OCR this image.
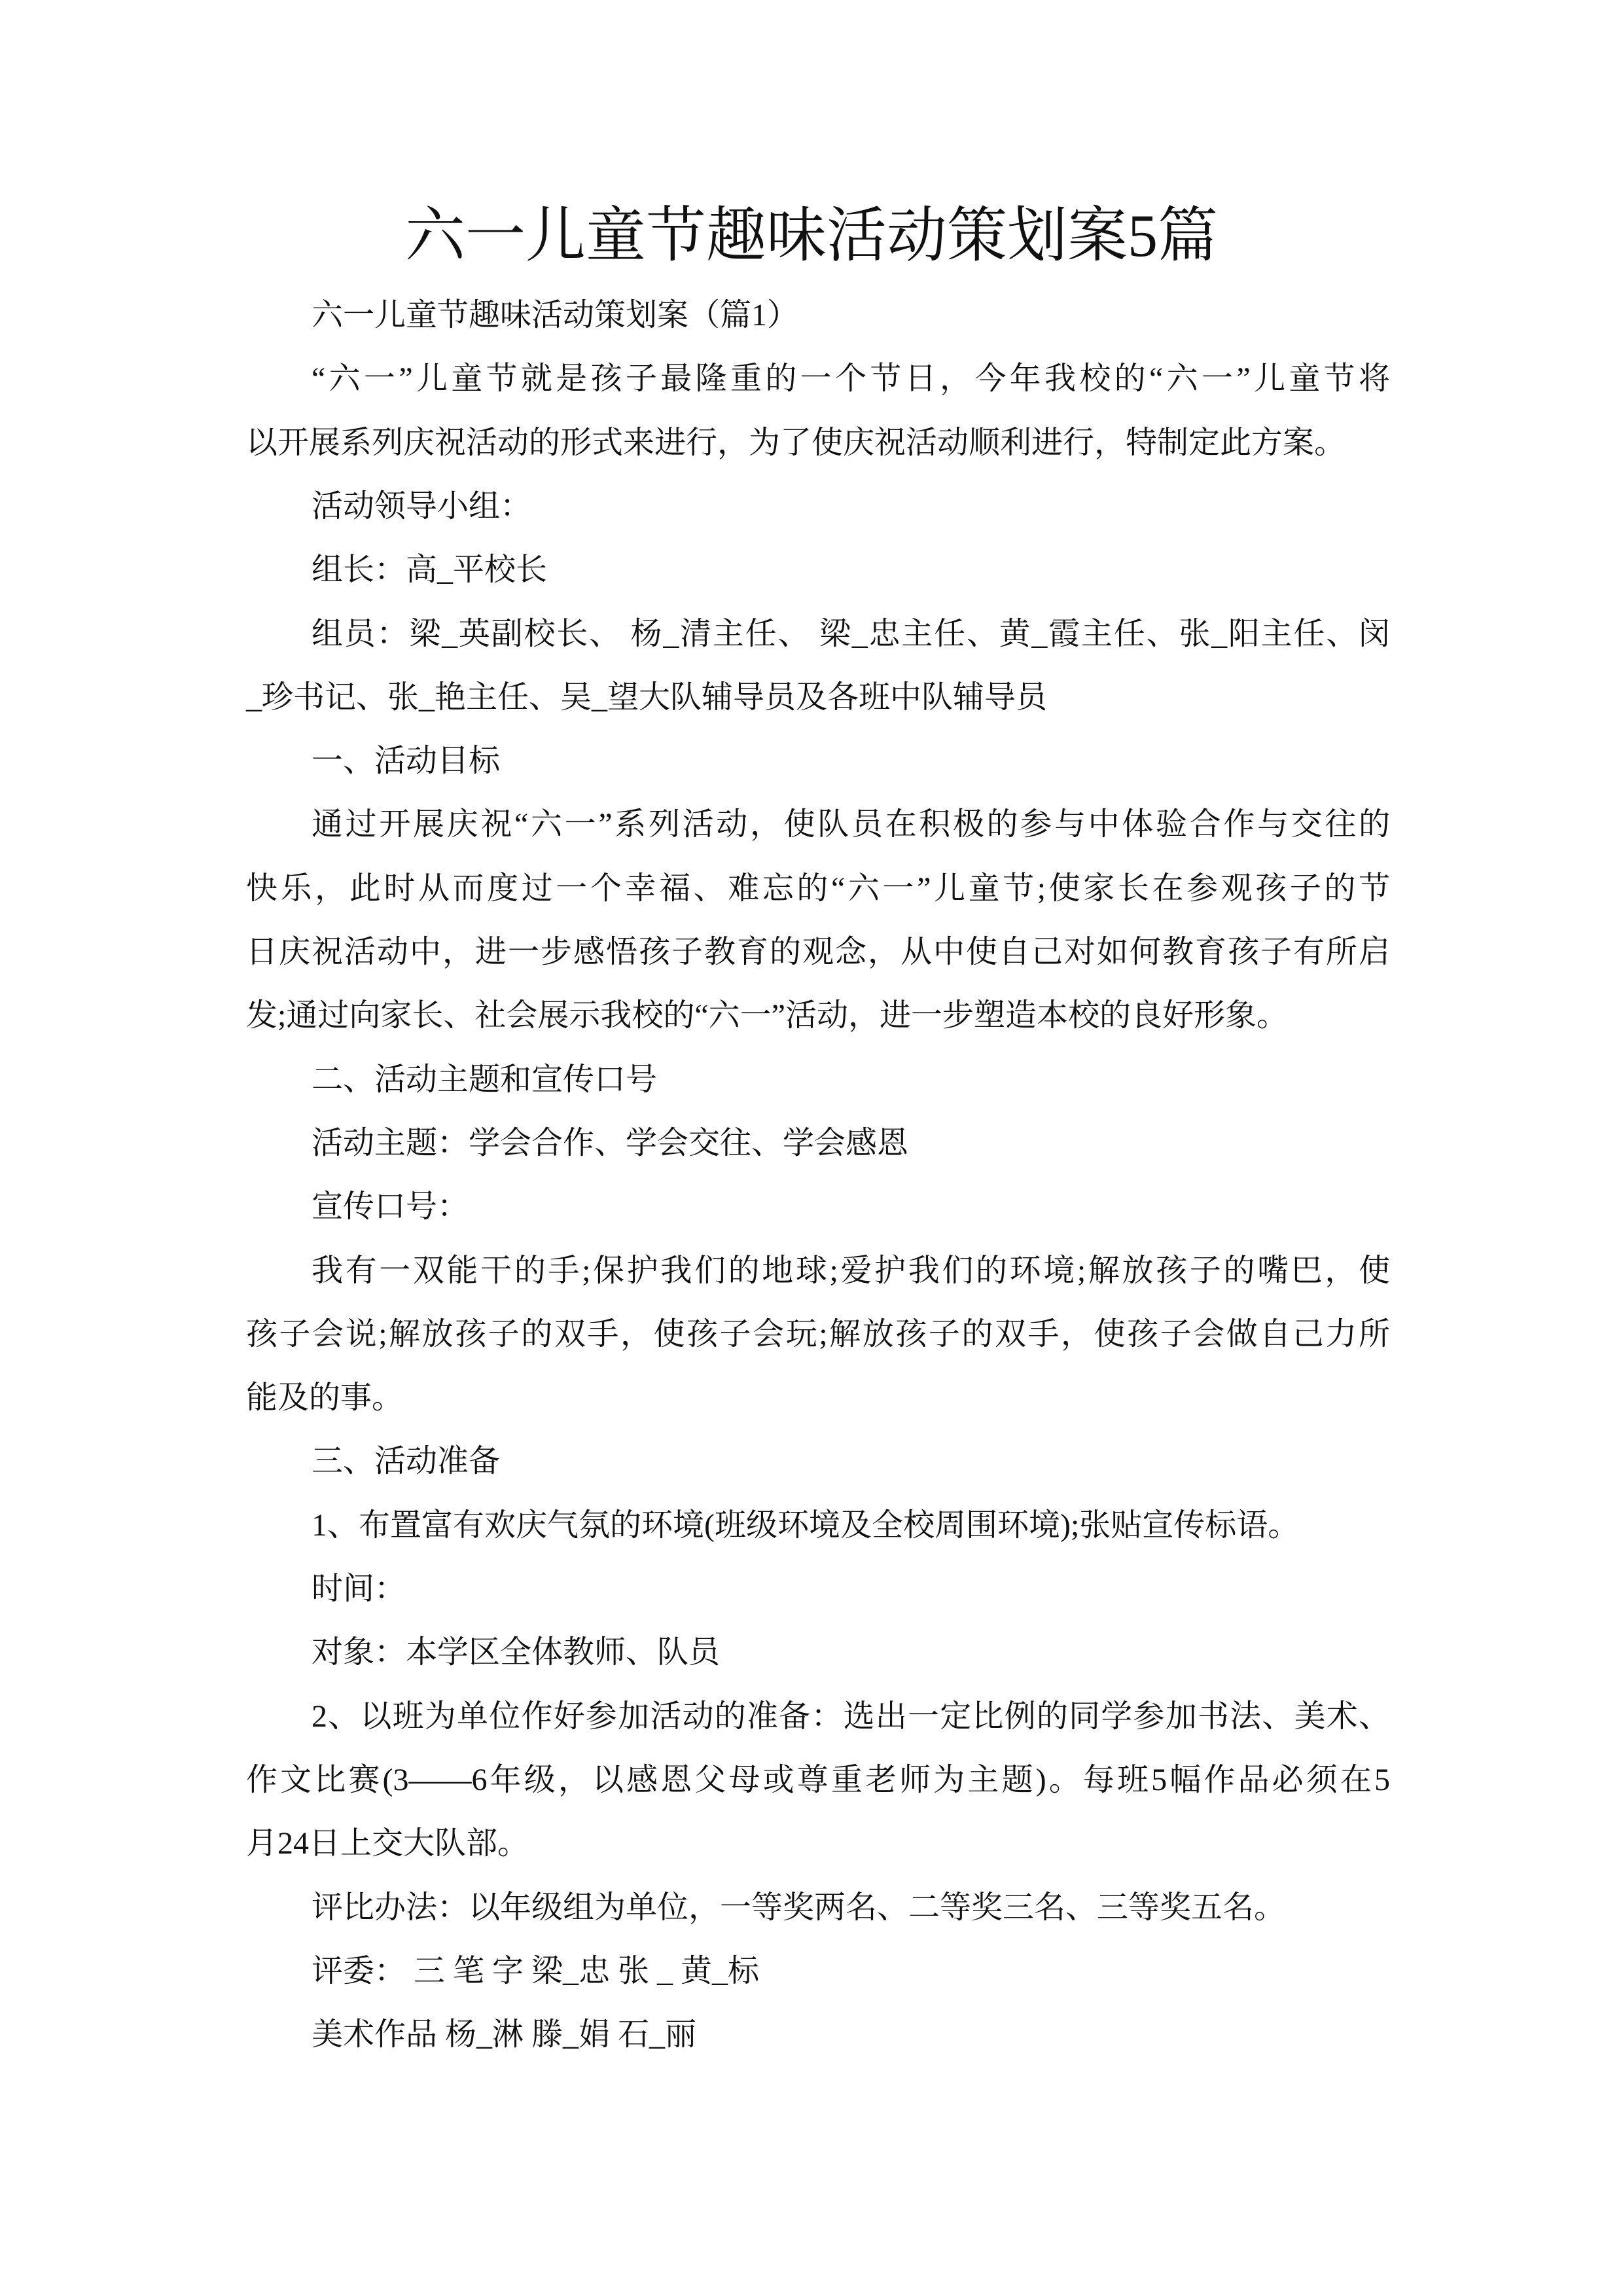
六一儿童节趣味活动策划案5篇
六一儿童节趣味活动策划案（篇1）
“六一”儿童节就是孩子最隆重的一个节日，今年我校的“六一”儿童节将
以开展系列庆祝活动的形式来进行，为了使庆祝活动顺利进行，特制定此方案。
活动领导小组：
组长：高_平校长
组员：梁_英副校长、 杨_清主任、 梁_忠主任、黄_霞主任、张_阳主任、闵
_珍书记、张_艳主任、吴_望大队辅导员及各班中队辅导员
一、活动目标
通过开展庆祝“六一”系列活动，使队员在积极的参与中体验合作与交往的
快乐，此时从而度过一个幸福、难忘的“六一”儿童节;使家长在参观孩子的节
日庆祝活动中，进一步感悟孩子教育的观念，从中使自己对如何教育孩子有所启
发;通过向家长、社会展示我校的“六一”活动，进一步塑造本校的良好形象。
二、活动主题和宣传口号
活动主题：学会合作、学会交往、学会感恩
宣传口号：
我有一双能干的手;保护我们的地球;爱护我们的环境;解放孩子的嘴巴，使
孩子会说;解放孩子的双手，使孩子会玩;解放孩子的双手，使孩子会做自己力所
能及的事。
三、活动准备
1、布置富有欢庆气氛的环境(班级环境及全校周围环境);张贴宣传标语。
时间：
对象：本学区全体教师、队员
2、以班为单位作好参加活动的准备：选出一定比例的同学参加书法、美术、
作文比赛(3——6年级，以感恩父母或尊重老师为主题)。每班5幅作品必须在5
月24日上交大队部。
评比办法：以年级组为单位，一等奖两名、二等奖三名、三等奖五名。
评委： 三 笔 字 梁_忠 张 _ 黄_标
美术作品 杨_淋 滕_娟 石_丽
